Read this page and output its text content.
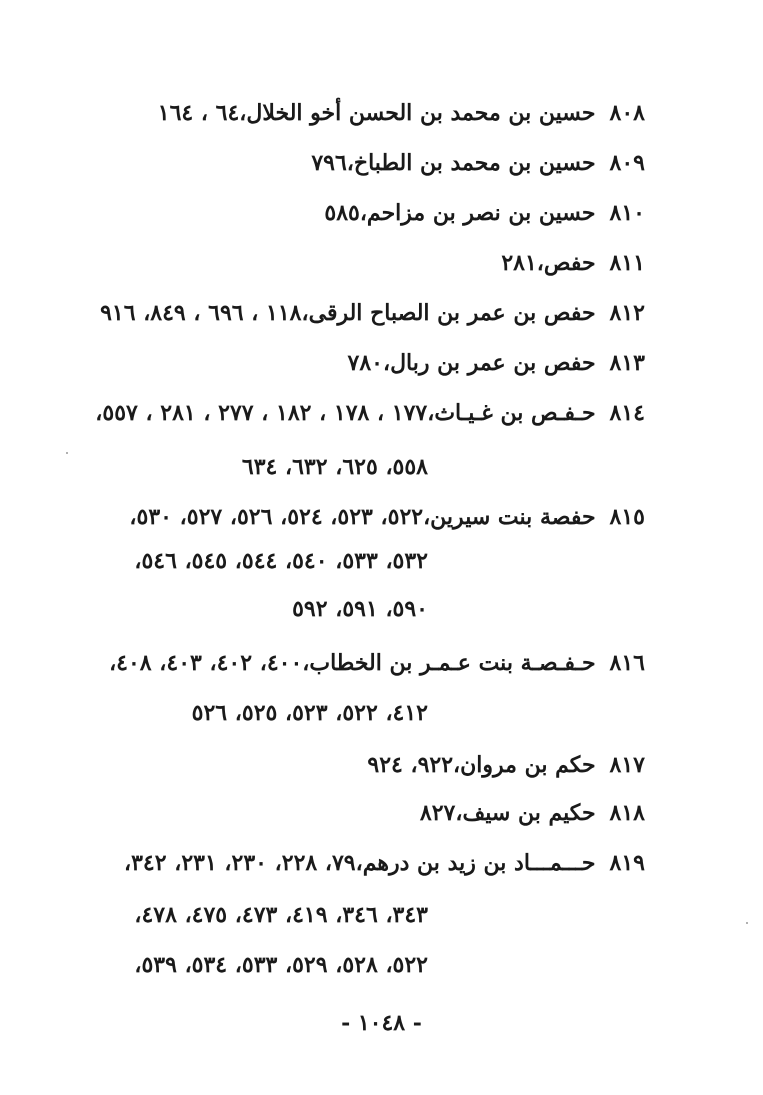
٨٠٨حسين بن محمد بن الحسن أخو الخلال،٦٤ ، ١٦٤
٨٠٩حسين بن محمد بن الطباخ،٧٩٦
٨١٠حسين بن نصر بن مزاحم،٥٨٥
٨١١حفص،٢٨١
٨١٢حفص بن عمر بن الصباح الرقى،١١٨ ، ٦٩٦ ، ٨٤٩، ٩١٦
٨١٣حفص بن عمر بن ربال،٧٨٠
٨١٤حـفـص بن غـيـاث،١٧٧ ، ١٧٨ ، ١٨٢ ، ٢٧٧ ، ٢٨١ ، ٥٥٧،
٥٥٨، ٦٢٥، ٦٣٢، ٦٣٤
٨١٥حفصة بنت سيرين،٥٢٢، ٥٢٣، ٥٢٤، ٥٢٦، ٥٢٧، ٥٣٠،
٥٣٢، ٥٣٣، ٥٤٠، ٥٤٤، ٥٤٥، ٥٤٦،
٥٩٠، ٥٩١، ٥٩٢
٨١٦حـفـصـة بنت عـمـر بن الخطاب،٤٠٠، ٤٠٢، ٤٠٣، ٤٠٨،
٤١٢، ٥٢٢، ٥٢٣، ٥٢٥، ٥٢٦
٨١٧حكم بن مروان،٩٢٢، ٩٢٤
٨١٨حكيم بن سيف،٨٢٧
٨١٩حـــمـــاد بن زيد بن درهم،٧٩، ٢٢٨، ٢٣٠، ٢٣١، ٣٤٢،
٣٤٣، ٣٤٦، ٤١٩، ٤٧٣، ٤٧٥، ٤٧٨،
٥٢٢، ٥٢٨، ٥٢٩، ٥٣٣، ٥٣٤، ٥٣٩،
- ١٠٤٨ -
